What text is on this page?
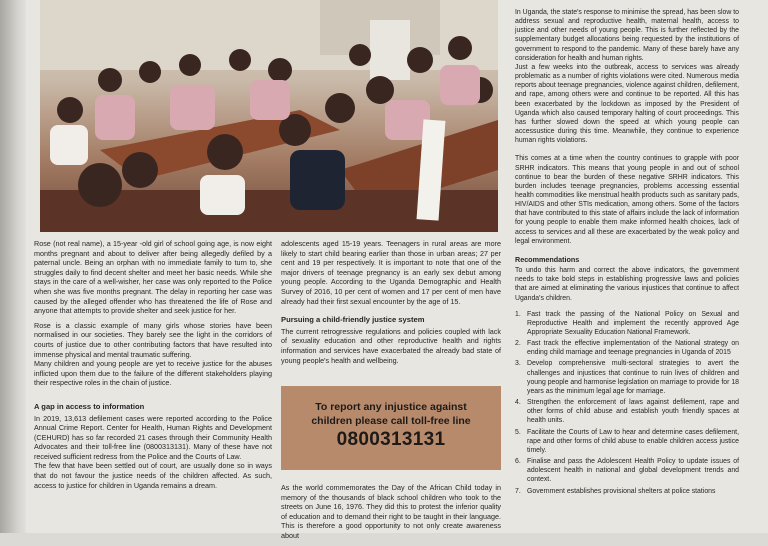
Rose (not real name), a 15-year -old girl of school going age, is now eight months pregnant and about to deliver after being allegedly defiled by a paternal uncle. Being an orphan with no immediate family to turn to, she struggles daily to find decent shelter and meet her basic needs. While she stays in the care of a well-wisher, her case was only reported to the Police when she was five months pregnant. The delay in reporting her case was caused by the alleged offender who has threatened the life of Rose and anyone that attempts to provide shelter and seek justice for her.

Rose is a classic example of many girls whose stories have been normalised in our societies. They barely see the light in the corridors of courts of justice due to other contributing factors that have resulted into immense physical and mental traumatic suffering.

Many children and young people are yet to receive justice for the abuses inflicted upon them due to the failure of the different stakeholders playing their respective roles in the chain of justice.

A gap in access to information

In 2019, 13,613 defilement cases were reported according to the Police Annual Crime Report. Center for Health, Human Rights and Development (CEHURD) has so far recorded 21 cases through their Community Health Advocates and their toll-free line (0800313131). Many of these have not received sufficient redress from the Police and the Courts of Law.

The few that have been settled out of court, are usually done so in ways that do not favour the justice needs of the children affected. As such, access to justice for children in Uganda remains a dream.

adolescents aged 15-19 years. Teenagers in rural areas are more likely to start child bearing earlier than those in urban areas; 27 per cent and 19 per respectively. It is important to note that one of the major drivers of teenage pregnancy is an early sex debut among young people. According to the Uganda Demographic and Health Survey of 2016, 10 per cent of women and 17 per cent of men have already had their first sexual encounter by the age of 15.

Pursuing a child-friendly justice system

The current retrogressive regulations and policies coupled with lack of sexuality education and other reproductive health and rights information and services have exacerbated the already bad state of young people's health and wellbeing.

To report any injustice against
children please call toll-free line
0800313131

As the world commemorates the Day of the African Child today in memory of the thousands of black school children who took to the streets on June 16, 1976. They did this to protest the inferior quality of education and to demand their right to be taught in their language. This is therefore a good opportunity to not only create awareness about

In Uganda, the state's response to minimise the spread, has been slow to address sexual and reproductive health, maternal health, access to justice and other needs of young people. This is further reflected by the supplementary budget allocations being requested by the institutions of government to respond to the pandemic. Many of these barely have any consideration for health and human rights.

Just a few weeks into the outbreak, access to services was already problematic as a number of rights violations were cited. Numerous media reports about teenage pregnancies, violence against children, defilement, and rape, among others were and continue to be reported. All this has been exacerbated by the lockdown as imposed by the President of Uganda which also caused temporary halting of court proceedings. This has further slowed down the speed at which young people can accessustice during this time. Meanwhile, they continue to experience human rights violations.

This comes at a time when the country continues to grapple with poor SRHR indicators. This means that young people in and out of school continue to bear the burden of these negative SRHR indicators. This burden includes teenage pregnancies, problems accessing essential health commodities like menstrual health products such as sanitary pads, HIV/AIDS and other STIs medication, among others. Some of the factors that have contributed to this state of affairs include the lack of information for young people to enable them make informed health choices, lack of access to services and all these are exacerbated by the weak policy and legal environment.

Recommendations

To undo this harm and correct the above indicators, the government needs to take bold steps in establishing progressive laws and policies that are aimed at eliminating the various injustices that continue to affect Uganda's children.

1. Fast track the passing of the National Policy on Sexual and Reproductive Health and implement the recently approved Age Appropriate Sexuality Education National Framework.
2. Fast track the effective implementation of the National strategy on ending child marriage and teenage pregnancies in Uganda of 2015
3. Develop comprehensive multi-sectoral strategies to avert the challenges and injustices that continue to ruin lives of children and young people and harmonise legislation on marriage to provide for 18 years as the minimum legal age for marriage.
4. Strengthen the enforcement of laws against defilement, rape and other forms of child abuse and establish youth friendly spaces at health units.
5. Facilitate the Courts of Law to hear and determine cases defilement, rape and other forms of child abuse to enable children access justice timely.
6. Finalise and pass the Adolescent Health Policy to update issues of adolescent health in national and global development trends and context.
7. Government establishes provisional shelters at police stations
